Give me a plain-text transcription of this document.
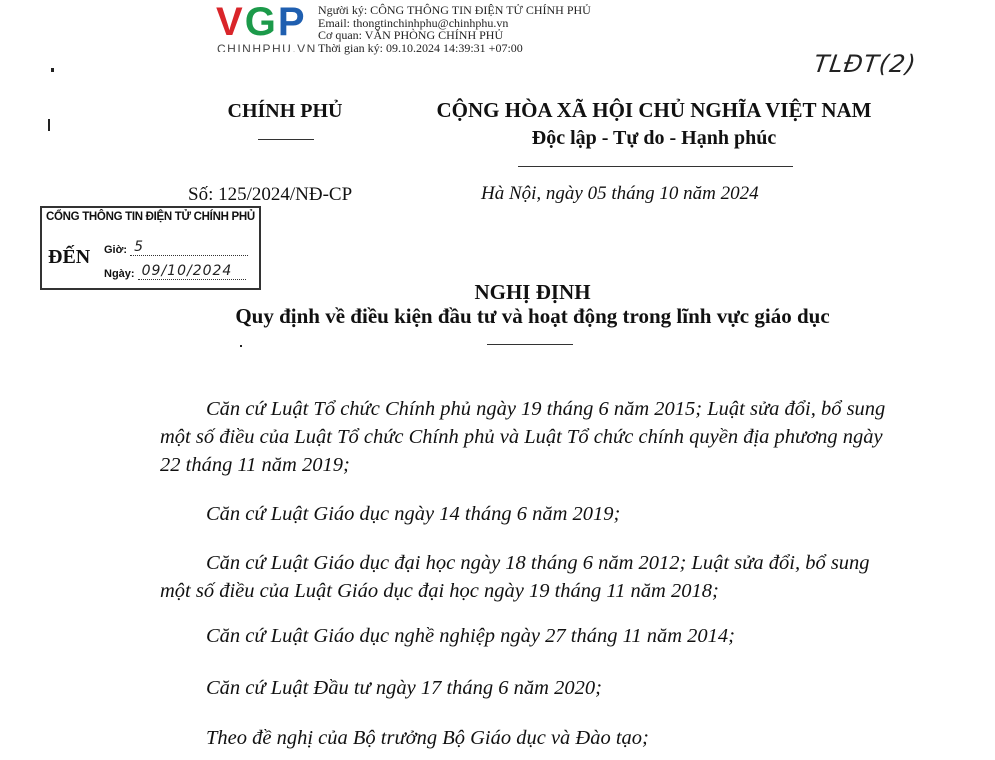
VGP
CHINHPHU.VN
Người ký: CÔNG THÔNG TIN ĐIỆN TỬ CHÍNH PHỦ
Email: thongtinchinhphu@chinhphu.vn
Cơ quan: VĂN PHÒNG CHÍNH PHỦ
Thời gian ký: 09.10.2024 14:39:31 +07:00
TLĐT(2)
CHÍNH PHỦ	CỘNG HÒA XÃ HỘI CHỦ NGHĨA VIỆT NAM
Độc lập - Tự do - Hạnh phúc
Số: 125/2024/NĐ-CP	Hà Nội, ngày 05 tháng 10 năm 2024
CỔNG THÔNG TIN ĐIỆN TỬ CHÍNH PHỦ
ĐẾN Giờ: 5
Ngày: 09/10/2024
NGHỊ ĐỊNH
Quy định về điều kiện đầu tư và hoạt động trong lĩnh vực giáo dục
Căn cứ Luật Tổ chức Chính phủ ngày 19 tháng 6 năm 2015; Luật sửa đổi, bổ sung một số điều của Luật Tổ chức Chính phủ và Luật Tổ chức chính quyền địa phương ngày 22 tháng 11 năm 2019;
Căn cứ Luật Giáo dục ngày 14 tháng 6 năm 2019;
Căn cứ Luật Giáo dục đại học ngày 18 tháng 6 năm 2012; Luật sửa đổi, bổ sung một số điều của Luật Giáo dục đại học ngày 19 tháng 11 năm 2018;
Căn cứ Luật Giáo dục nghề nghiệp ngày 27 tháng 11 năm 2014;
Căn cứ Luật Đầu tư ngày 17 tháng 6 năm 2020;
Theo đề nghị của Bộ trưởng Bộ Giáo dục và Đào tạo;
